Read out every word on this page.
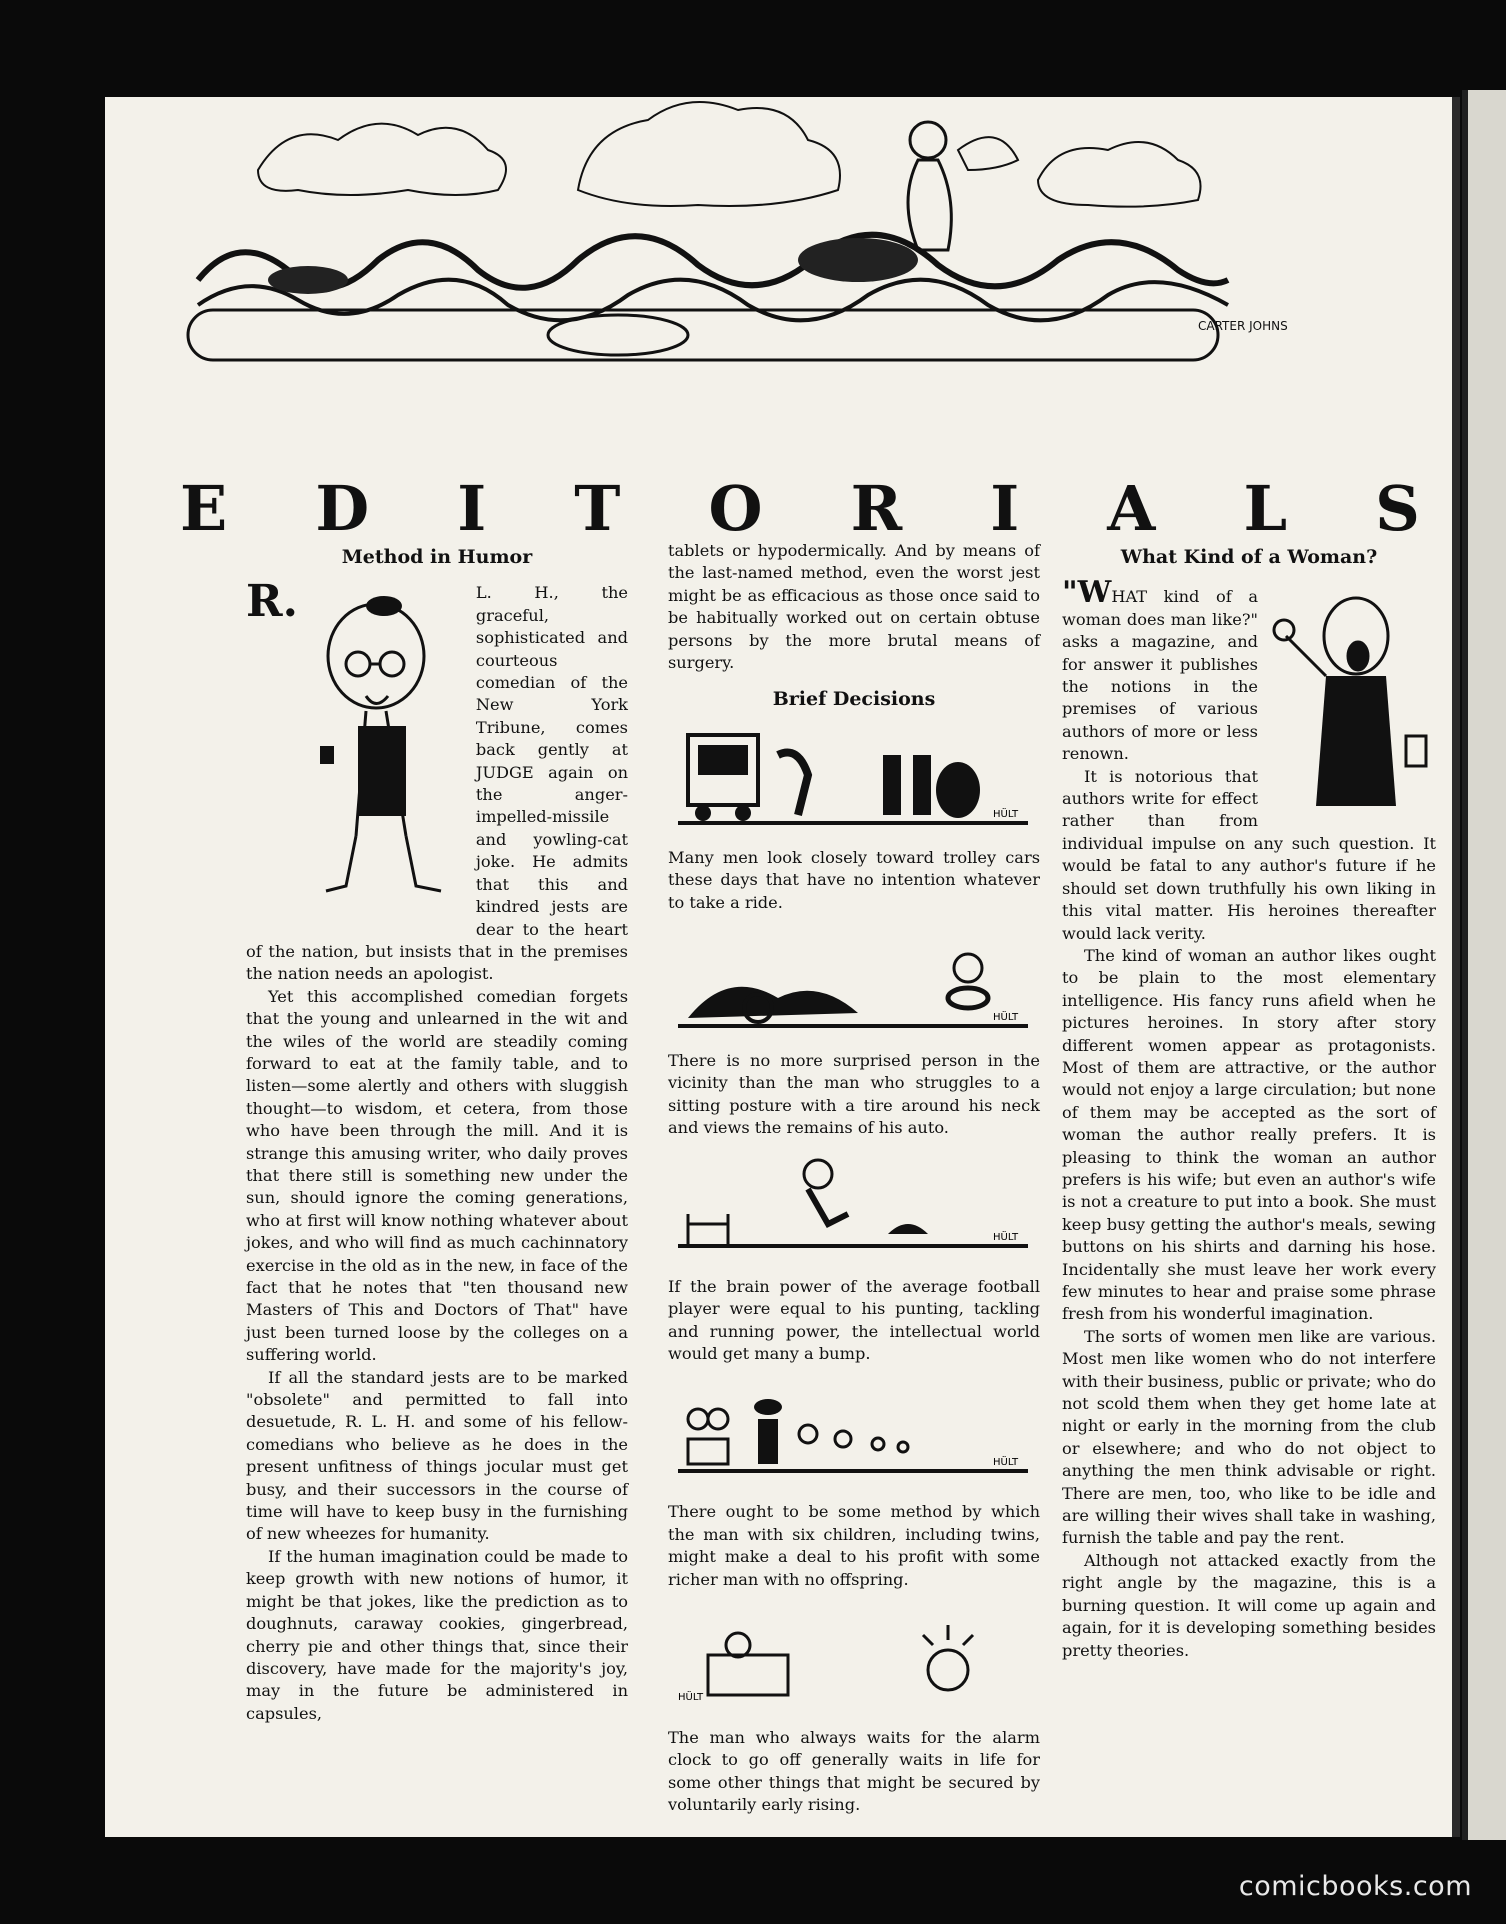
CARTER JOHNS
E D I T O R I A L S
Method in Humor
R.	L. H., the graceful, sophisticated and courteous comedian of the New York Tribune, comes back gently at JUDGE again on the anger-impelled-missile and yowling-cat joke. He admits that this and kindred jests are dear to the heart of the nation, but insists that in the premises the nation needs an apologist.

Yet this accomplished comedian forgets that the young and unlearned in the wit and the wiles of the world are steadily coming forward to eat at the family table, and to listen—some alertly and others with sluggish thought—to wisdom, et cetera, from those who have been through the mill. And it is strange this amusing writer, who daily proves that there still is something new under the sun, should ignore the coming generations, who at first will know nothing whatever about jokes, and who will find as much cachinnatory exercise in the old as in the new, in face of the fact that he notes that "ten thousand new Masters of This and Doctors of That" have just been turned loose by the colleges on a suffering world.

If all the standard jests are to be marked "obsolete" and permitted to fall into desuetude, R. L. H. and some of his fellow-comedians who believe as he does in the present unfitness of things jocular must get busy, and their successors in the course of time will have to keep busy in the furnishing of new wheezes for humanity.

If the human imagination could be made to keep growth with new notions of humor, it might be that jokes, like the prediction as to doughnuts, caraway cookies, gingerbread, cherry pie and other things that, since their discovery, have made for the majority's joy, may in the future be administered in capsules,

tablets or hypodermically. And by means of the last-named method, even the worst jest might be as efficacious as those once said to be habitually worked out on certain obtuse persons by the more brutal means of surgery.

Brief Decisions
HÜLT

Many men look closely toward trolley cars these days that have no intention whatever to take a ride.

HÜLT

There is no more surprised person in the vicinity than the man who struggles to a sitting posture with a tire around his neck and views the remains of his auto.

HÜLT

If the brain power of the average football player were equal to his punting, tackling and running power, the intellectual world would get many a bump.

HÜLT

There ought to be some method by which the man with six children, including twins, might make a deal to his profit with some richer man with no offspring.

HÜLT

The man who always waits for the alarm clock to go off generally waits in life for some other things that might be secured by voluntarily early rising.

What Kind of a Woman?

"WHAT kind of a woman does man like?" asks a magazine, and for answer it publishes the notions in the premises of various authors of more or less renown.

It is notorious that authors write for effect rather than from individual impulse on any such question. It would be fatal to any author's future if he should set down truthfully his own liking in this vital matter. His heroines thereafter would lack verity.

The kind of woman an author likes ought to be plain to the most elementary intelligence. His fancy runs afield when he pictures heroines. In story after story different women appear as protagonists. Most of them are attractive, or the author would not enjoy a large circulation; but none of them may be accepted as the sort of woman the author really prefers. It is pleasing to think the woman an author prefers is his wife; but even an author's wife is not a creature to put into a book. She must keep busy getting the author's meals, sewing buttons on his shirts and darning his hose. Incidentally she must leave her work every few minutes to hear and praise some phrase fresh from his wonderful imagination.

The sorts of women men like are various. Most men like women who do not interfere with their business, public or private; who do not scold them when they get home late at night or early in the morning from the club or elsewhere; and who do not object to anything the men think advisable or right. There are men, too, who like to be idle and are willing their wives shall take in washing, furnish the table and pay the rent.

Although not attacked exactly from the right angle by the magazine, this is a burning question. It will come up again and again, for it is developing something besides pretty theories.

comicbooks.com
